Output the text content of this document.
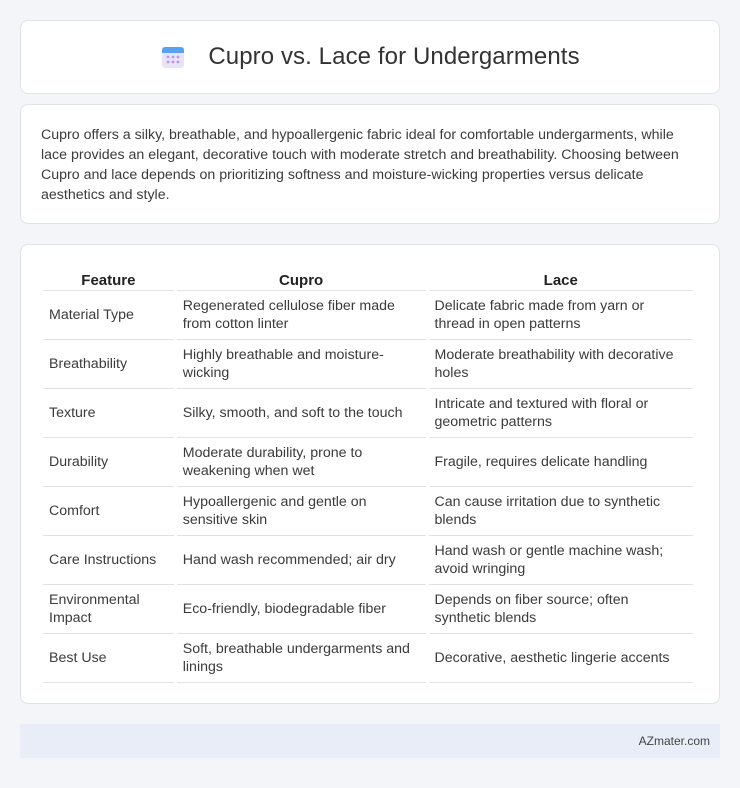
Cupro vs. Lace for Undergarments

Cupro offers a silky, breathable, and hypoallergenic fabric ideal for comfortable undergarments, while lace provides an elegant, decorative touch with moderate stretch and breathability. Choosing between Cupro and lace depends on prioritizing softness and moisture-wicking properties versus delicate aesthetics and style.

Feature	Cupro	Lace
Material Type	Regenerated cellulose fiber made from cotton linter	Delicate fabric made from yarn or thread in open patterns
Breathability	Highly breathable and moisture-wicking	Moderate breathability with decorative holes
Texture	Silky, smooth, and soft to the touch	Intricate and textured with floral or geometric patterns
Durability	Moderate durability, prone to weakening when wet	Fragile, requires delicate handling
Comfort	Hypoallergenic and gentle on sensitive skin	Can cause irritation due to synthetic blends
Care Instructions	Hand wash recommended; air dry	Hand wash or gentle machine wash; avoid wringing
Environmental Impact	Eco-friendly, biodegradable fiber	Depends on fiber source; often synthetic blends
Best Use	Soft, breathable undergarments and linings	Decorative, aesthetic lingerie accents
AZmater.com
